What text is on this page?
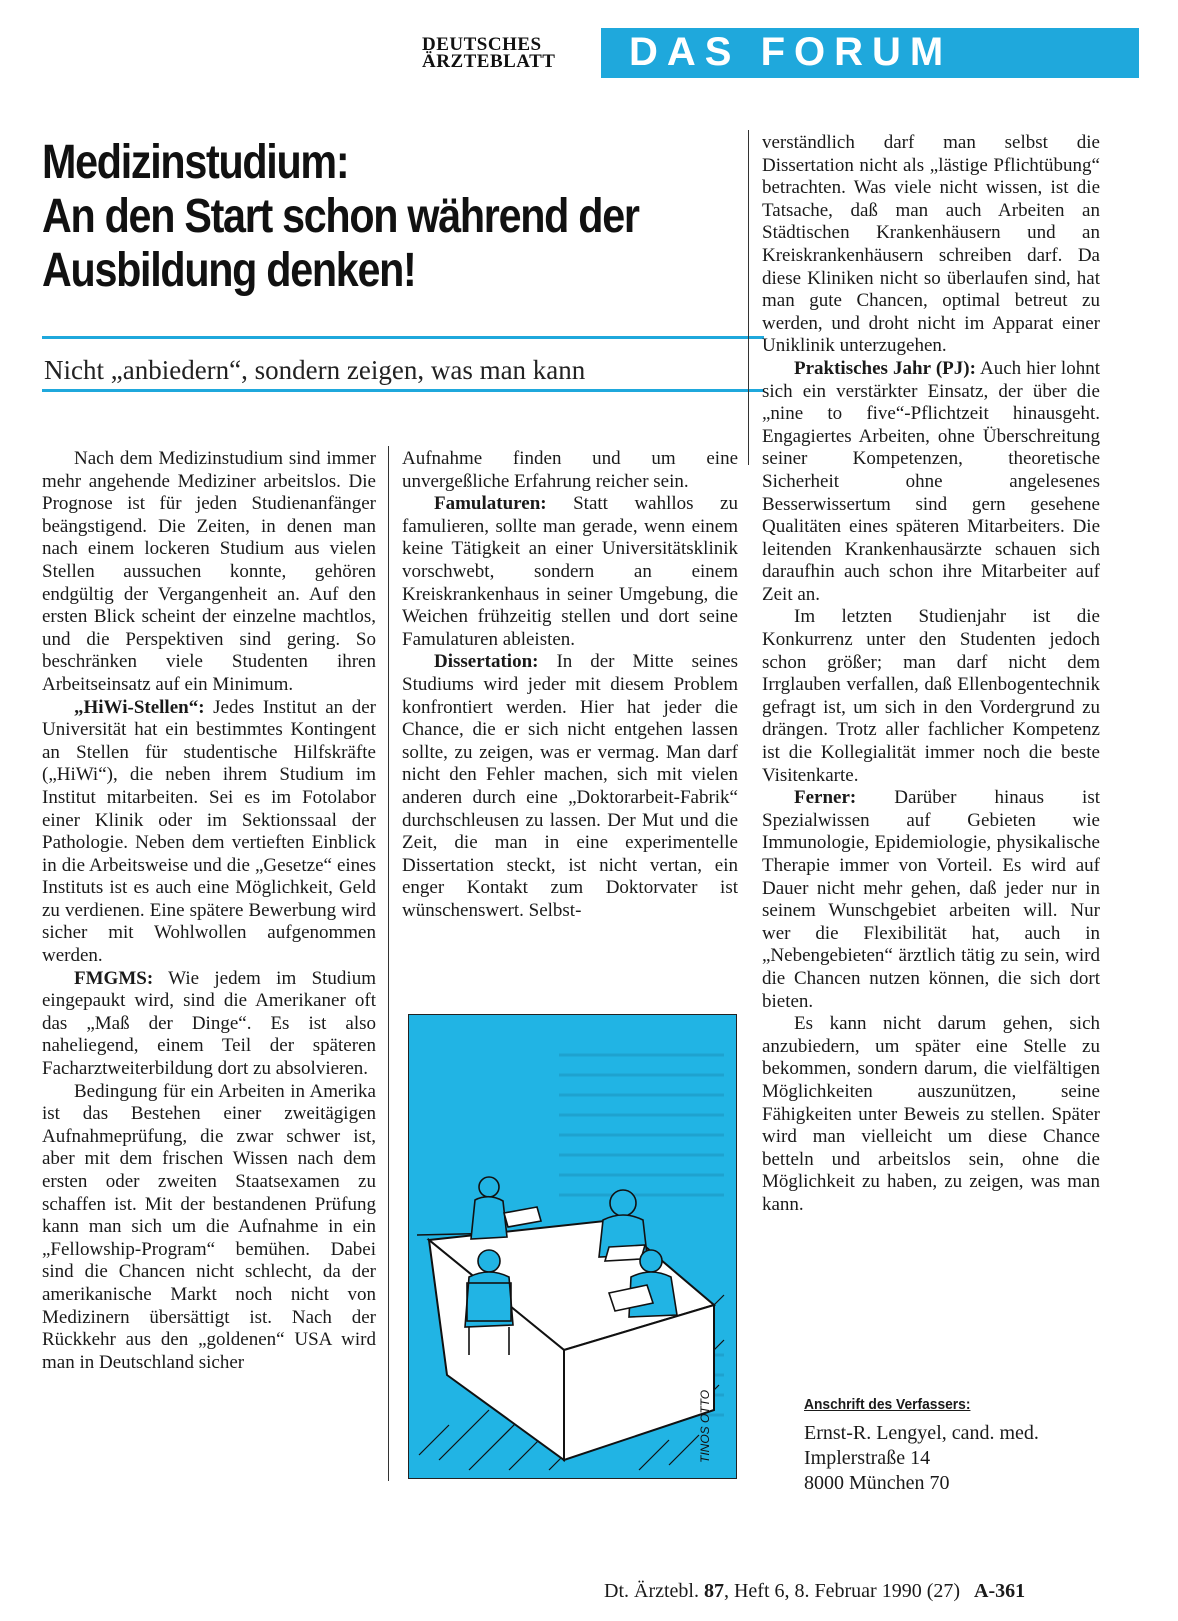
DEUTSCHES
ÄRZTEBLATT DAS FORUM
Medizinstudium:
An den Start schon während der
Ausbildung denken!
Nicht „anbiedern“, sondern zeigen, was man kann

Nach dem Medizinstudium sind immer mehr angehende Mediziner arbeitslos. Die Prognose ist für jeden Studienanfänger beängstigend. Die Zeiten, in denen man nach einem lockeren Studium aus vielen Stellen aussuchen konnte, gehören endgültig der Vergangenheit an. Auf den ersten Blick scheint der einzelne machtlos, und die Perspektiven sind gering. So beschränken viele Studenten ihren Arbeitseinsatz auf ein Minimum.

„HiWi-Stellen“: Jedes Institut an der Universität hat ein bestimmtes Kontingent an Stellen für studentische Hilfskräfte („HiWi“), die neben ihrem Studium im Institut mitarbeiten. Sei es im Fotolabor einer Klinik oder im Sektionssaal der Pathologie. Neben dem vertieften Einblick in die Arbeitsweise und die „Gesetze“ eines Instituts ist es auch eine Möglichkeit, Geld zu verdienen. Eine spätere Bewerbung wird sicher mit Wohlwollen aufgenommen werden.

FMGMS: Wie jedem im Studium eingepaukt wird, sind die Amerikaner oft das „Maß der Dinge“. Es ist also naheliegend, einem Teil der späteren Facharztweiterbildung dort zu absolvieren.

Bedingung für ein Arbeiten in Amerika ist das Bestehen einer zweitägigen Aufnahmeprüfung, die zwar schwer ist, aber mit dem frischen Wissen nach dem ersten oder zweiten Staatsexamen zu schaffen ist. Mit der bestandenen Prüfung kann man sich um die Aufnahme in ein „Fellowship-Program“ bemühen. Dabei sind die Chancen nicht schlecht, da der amerikanische Markt noch nicht von Medizinern übersättigt ist. Nach der Rückkehr aus den „goldenen“ USA wird man in Deutschland sicher

Aufnahme finden und um eine unvergeßliche Erfahrung reicher sein.

Famulaturen: Statt wahllos zu famulieren, sollte man gerade, wenn einem keine Tätigkeit an einer Universitätsklinik vorschwebt, sondern an einem Kreiskrankenhaus in seiner Umgebung, die Weichen frühzeitig stellen und dort seine Famulaturen ableisten.

Dissertation: In der Mitte seines Studiums wird jeder mit diesem Problem konfrontiert werden. Hier hat jeder die Chance, die er sich nicht entgehen lassen sollte, zu zeigen, was er vermag. Man darf nicht den Fehler machen, sich mit vielen anderen durch eine „Doktorarbeit-Fabrik“ durchschleusen zu lassen. Der Mut und die Zeit, die man in eine experimentelle Dissertation steckt, ist nicht vertan, ein enger Kontakt zum Doktorvater ist wünschenswert. Selbst-

TINOS OTTO

verständlich darf man selbst die Dissertation nicht als „lästige Pflichtübung“ betrachten. Was viele nicht wissen, ist die Tatsache, daß man auch Arbeiten an Städtischen Krankenhäusern und an Kreiskrankenhäusern schreiben darf. Da diese Kliniken nicht so überlaufen sind, hat man gute Chancen, optimal betreut zu werden, und droht nicht im Apparat einer Uniklinik unterzugehen.

Praktisches Jahr (PJ): Auch hier lohnt sich ein verstärkter Einsatz, der über die „nine to five“-Pflichtzeit hinausgeht. Engagiertes Arbeiten, ohne Überschreitung seiner Kompetenzen, theoretische Sicherheit ohne angelesenes Besserwissertum sind gern gesehene Qualitäten eines späteren Mitarbeiters. Die leitenden Krankenhausärzte schauen sich daraufhin auch schon ihre Mitarbeiter auf Zeit an.

Im letzten Studienjahr ist die Konkurrenz unter den Studenten jedoch schon größer; man darf nicht dem Irrglauben verfallen, daß Ellenbogentechnik gefragt ist, um sich in den Vordergrund zu drängen. Trotz aller fachlicher Kompetenz ist die Kollegialität immer noch die beste Visitenkarte.

Ferner: Darüber hinaus ist Spezialwissen auf Gebieten wie Immunologie, Epidemiologie, physikalische Therapie immer von Vorteil. Es wird auf Dauer nicht mehr gehen, daß jeder nur in seinem Wunschgebiet arbeiten will. Nur wer die Flexibilität hat, auch in „Nebengebieten“ ärztlich tätig zu sein, wird die Chancen nutzen können, die sich dort bieten.

Es kann nicht darum gehen, sich anzubiedern, um später eine Stelle zu bekommen, sondern darum, die vielfältigen Möglichkeiten auszunützen, seine Fähigkeiten unter Beweis zu stellen. Später wird man vielleicht um diese Chance betteln und arbeitslos sein, ohne die Möglichkeit zu haben, zu zeigen, was man kann.

Anschrift des Verfassers:
Ernst-R. Lengyel, cand. med.
Implerstraße 14
8000 München 70
Dt. Ärztebl. 87, Heft 6, 8. Februar 1990 (27) A-361
